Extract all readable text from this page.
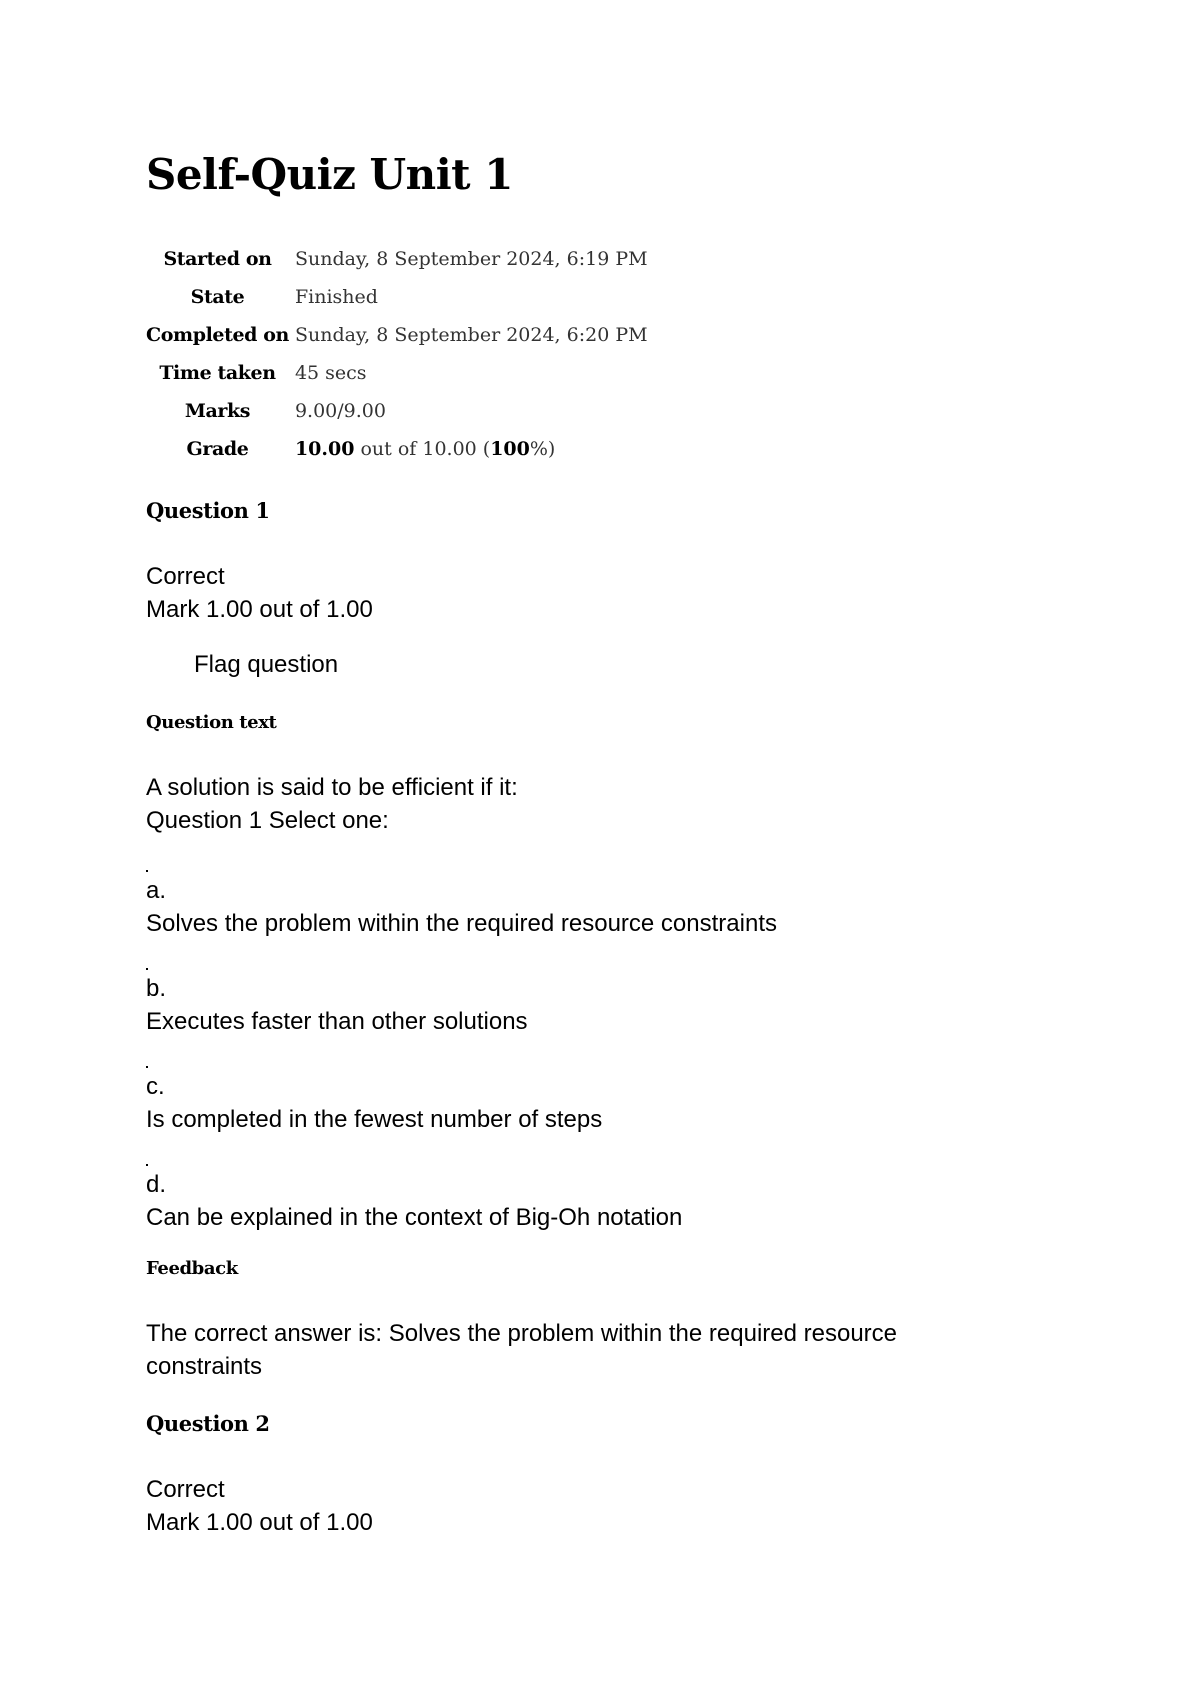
Self-Quiz Unit 1
Started on	Sunday, 8 September 2024, 6:19 PM
State	Finished
Completed on	Sunday, 8 September 2024, 6:20 PM
Time taken	45 secs
Marks	9.00/9.00
Grade	10.00 out of 10.00 (100%)
Question 1
Correct
Mark 1.00 out of 1.00
Flag question
Question text
A solution is said to be efficient if it:
Question 1 Select one:
a.
Solves the problem within the required resource constraints
b.
Executes faster than other solutions
c.
Is completed in the fewest number of steps
d.
Can be explained in the context of Big-Oh notation
Feedback
The correct answer is: Solves the problem within the required resource
constraints
Question 2
Correct
Mark 1.00 out of 1.00
